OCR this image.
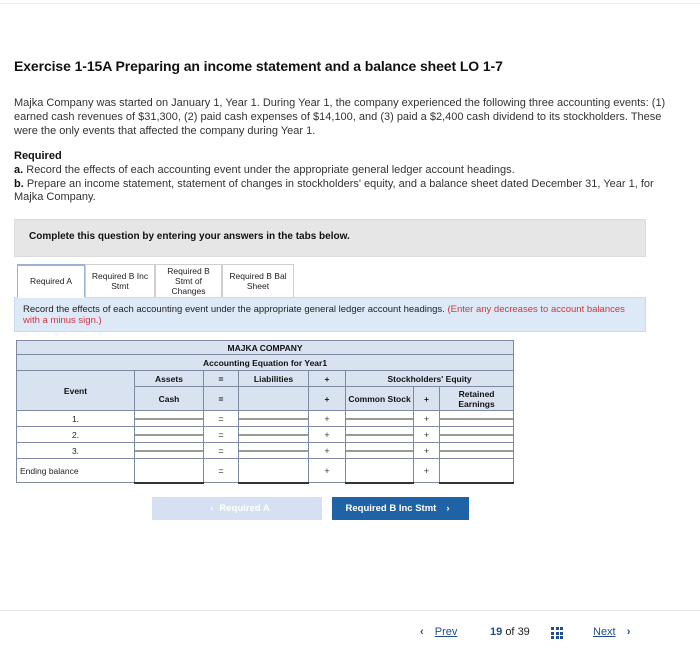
Exercise 1-15A Preparing an income statement and a balance sheet LO 1-7
Majka Company was started on January 1, Year 1. During Year 1, the company experienced the following three accounting events: (1) earned cash revenues of $31,300, (2) paid cash expenses of $14,100, and (3) paid a $2,400 cash dividend to its stockholders. These were the only events that affected the company during Year 1.
Required
a. Record the effects of each accounting event under the appropriate general ledger account headings.
b. Prepare an income statement, statement of changes in stockholders' equity, and a balance sheet dated December 31, Year 1, for Majka Company.
Complete this question by entering your answers in the tabs below.
Required A	Required B Inc Stmt
Required B Stmt of Changes
Required B Bal Sheet
Record the effects of each accounting event under the appropriate general ledger account headings. (Enter any decreases to account balances with a minus sign.)
MAJKA COMPANY							
Accounting Equation for Year1							
Event	Assets	=	Liabilities	+	Stockholders' Equity		
	Cash	=		+	Common Stock	+	Retained Earnings
1.		=		+		+	

2.		=		+		+	

3.		=		+		+	

Ending balance		=		+		+	
‹ Required A	Required B Inc Stmt ›
‹ Prev	19 of 39	Next ›
